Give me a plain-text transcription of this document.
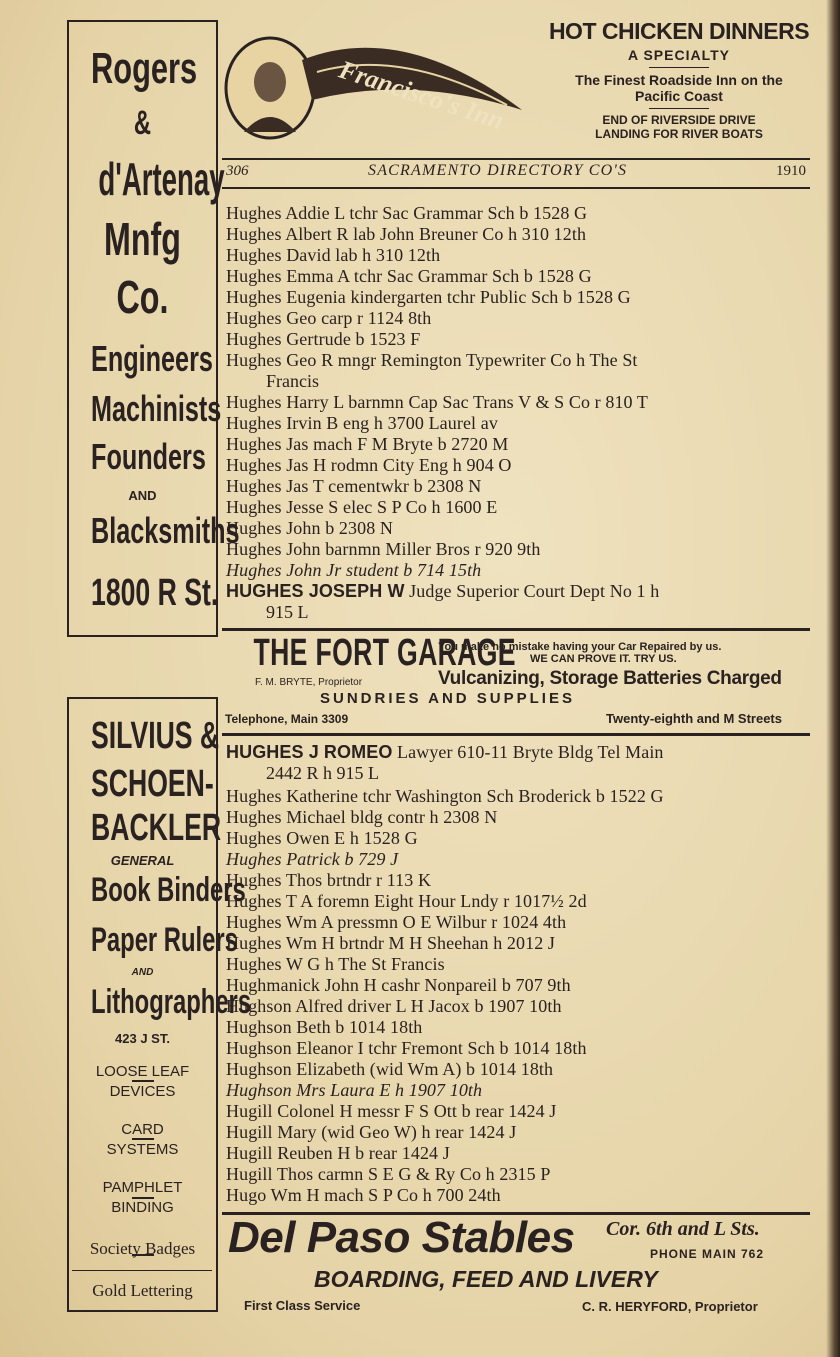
Rogers
&
d'Artenay
Mnfg
Co.
Engineers
Machinists
Founders
AND
Blacksmiths
1800 R St.
SILVIUS &
SCHOEN-
BACKLER
GENERAL
Book Binders
Paper Rulers
AND
Lithographers
423 J ST.
LOOSE LEAF
DEVICES
CARD
SYSTEMS
PAMPHLET
BINDING
Society Badges
Gold Lettering
Francisco's Inn
HOT CHICKEN DINNERS
A SPECIALTY
The Finest Roadside Inn on the
Pacific Coast
END OF RIVERSIDE DRIVE
LANDING FOR RIVER BOATS
306	SACRAMENTO DIRECTORY CO'S	1910
Hughes Addie L tchr Sac Grammar Sch b 1528 G
Hughes Albert R lab John Breuner Co h 310 12th
Hughes David lab h 310 12th
Hughes Emma A tchr Sac Grammar Sch b 1528 G
Hughes Eugenia kindergarten tchr Public Sch b 1528 G
Hughes Geo carp r 1124 8th
Hughes Gertrude b 1523 F
Hughes Geo R mngr Remington Typewriter Co h The St
Francis
Hughes Harry L barnmn Cap Sac Trans V & S Co r 810 T
Hughes Irvin B eng h 3700 Laurel av
Hughes Jas mach F M Bryte b 2720 M
Hughes Jas H rodmn City Eng h 904 O
Hughes Jas T cementwkr b 2308 N
Hughes Jesse S elec S P Co h 1600 E
Hughes John b 2308 N
Hughes John barnmn Miller Bros r 920 9th
Hughes John Jr student b 714 15th
HUGHES JOSEPH W Judge Superior Court Dept No 1 h
915 L
THE FORT GARAGE
You make no mistake having your Car Repaired by us.
WE CAN PROVE IT. TRY US.
F. M. BRYTE, Proprietor	Vulcanizing, Storage Batteries Charged
SUNDRIES AND SUPPLIES
Telephone, Main 3309	Twenty-eighth and M Streets
HUGHES J ROMEO Lawyer 610-11 Bryte Bldg Tel Main
2442 R h 915 L
Hughes Katherine tchr Washington Sch Broderick b 1522 G
Hughes Michael bldg contr h 2308 N
Hughes Owen E h 1528 G
Hughes Patrick b 729 J
Hughes Thos brtndr r 113 K
Hughes T A foremn Eight Hour Lndy r 1017½ 2d
Hughes Wm A pressmn O E Wilbur r 1024 4th
Hughes Wm H brtndr M H Sheehan h 2012 J
Hughes W G h The St Francis
Hughmanick John H cashr Nonpareil b 707 9th
Hughson Alfred driver L H Jacox b 1907 10th
Hughson Beth b 1014 18th
Hughson Eleanor I tchr Fremont Sch b 1014 18th
Hughson Elizabeth (wid Wm A) b 1014 18th
Hughson Mrs Laura E h 1907 10th
Hugill Colonel H messr F S Ott b rear 1424 J
Hugill Mary (wid Geo W) h rear 1424 J
Hugill Reuben H b rear 1424 J
Hugill Thos carmn S E G & Ry Co h 2315 P
Hugo Wm H mach S P Co h 700 24th
Del Paso Stables Cor. 6th and L Sts.
PHONE MAIN 762
BOARDING, FEED AND LIVERY
First Class Service	C. R. HERYFORD, Proprietor
